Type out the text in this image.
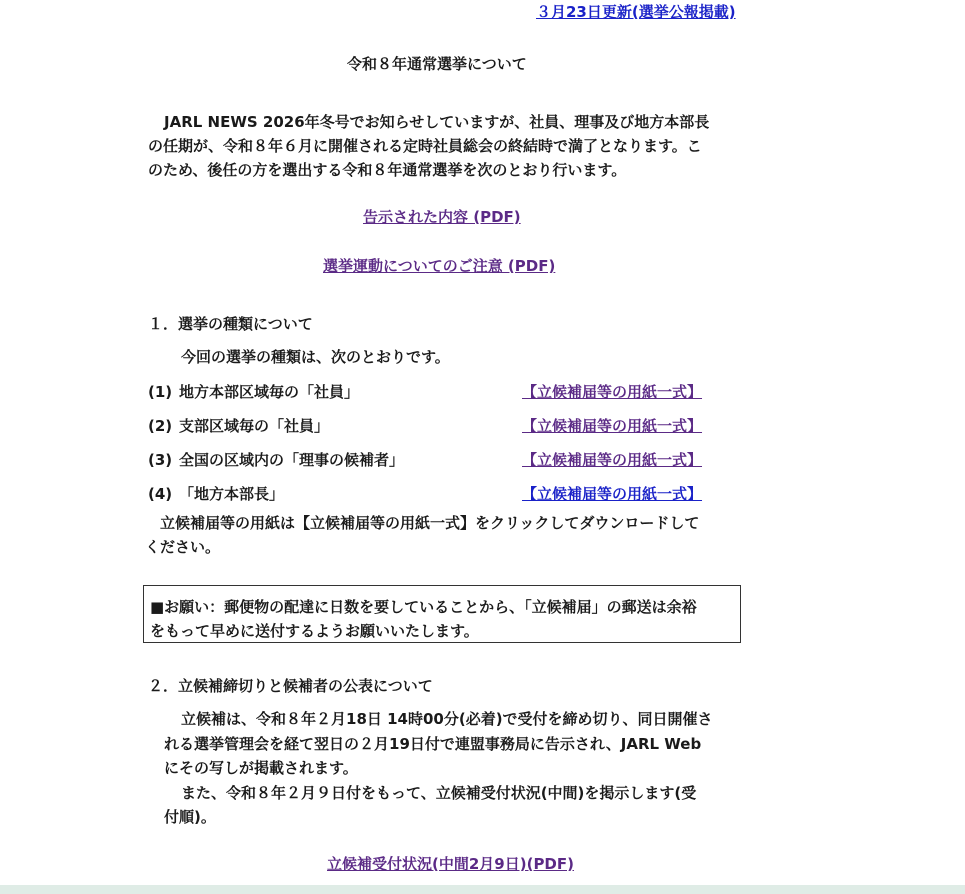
３月23日更新(選挙公報掲載)
令和８年通常選挙について
JARL NEWS 2026年冬号でお知らせしていますが、社員、理事及び地方本部長
の任期が、令和８年６月に開催される定時社員総会の終結時で満了となります。こ
のため、後任の方を選出する令和８年通常選挙を次のとおり行います。
告示された内容 (PDF)
選挙運動についてのご注意 (PDF)
１．選挙の種類について
今回の選挙の種類は、次のとおりです。
(1) 地方本部区域毎の「社員」	【立候補届等の用紙一式】
(2) 支部区域毎の「社員」	【立候補届等の用紙一式】
(3) 全国の区域内の「理事の候補者」	【立候補届等の用紙一式】
(4) 「地方本部長」	【立候補届等の用紙一式】
立候補届等の用紙は【立候補届等の用紙一式】をクリックしてダウンロードして
ください。
■お願い：郵便物の配達に日数を要していることから、「立候補届」の郵送は余裕
をもって早めに送付するようお願いいたします。
２．立候補締切りと候補者の公表について
立候補は、令和８年２月18日 14時00分(必着)で受付を締め切り、同日開催さ
れる選挙管理会を経て翌日の２月19日付で連盟事務局に告示され、JARL Web
にその写しが掲載されます。
また、令和８年２月９日付をもって、立候補受付状況(中間)を掲示します(受
付順)。
立候補受付状況(中間2月9日)(PDF)
